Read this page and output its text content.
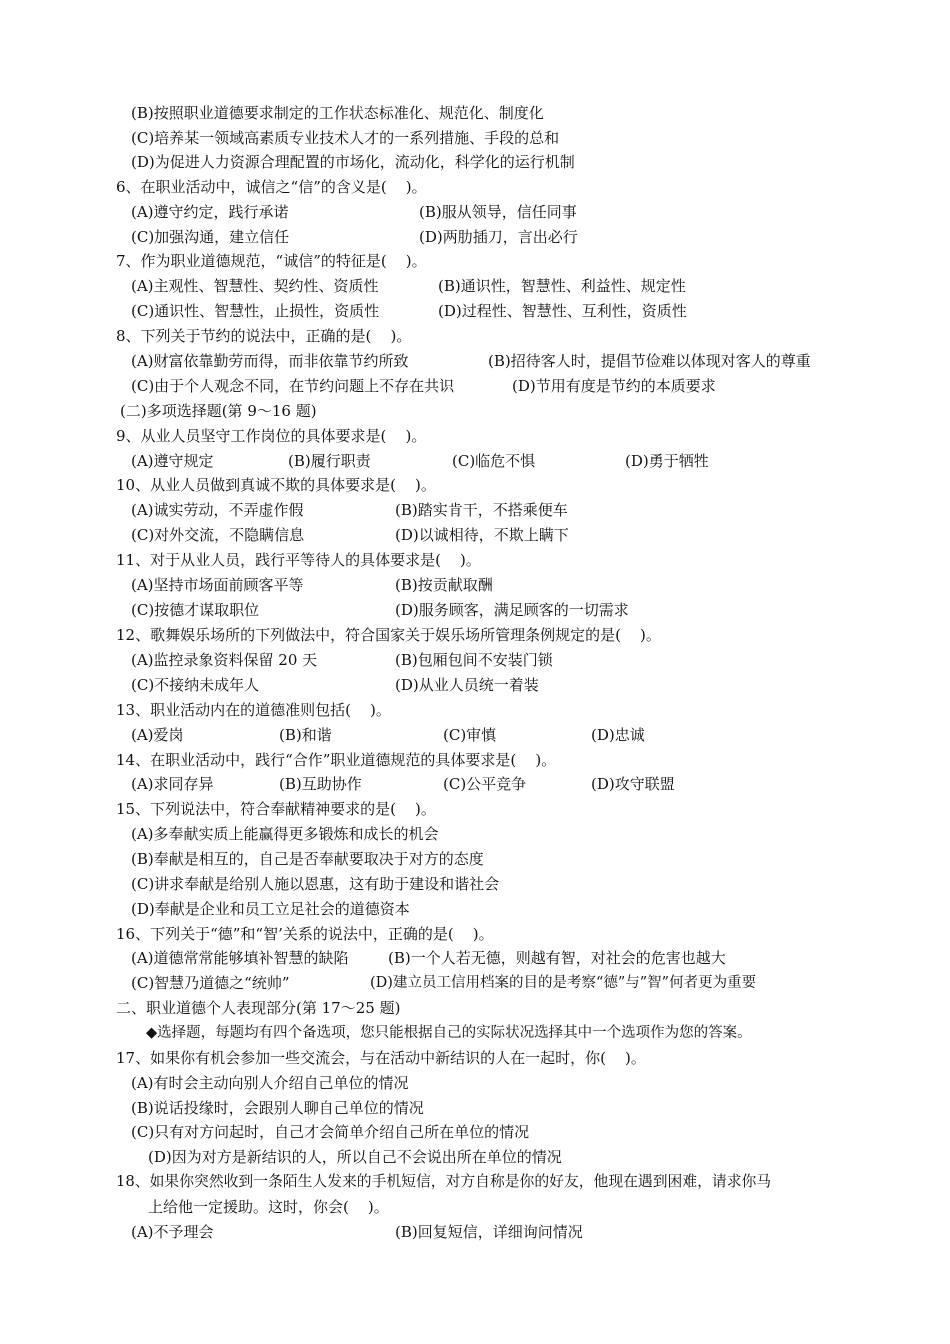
(B)按照职业道德要求制定的工作状态标准化、规范化、制度化
(C)培养某一领域高素质专业技术人才的一系列措施、手段的总和
(D)为促进人力资源合理配置的市场化，流动化，科学化的运行机制
6、在职业活动中，诚信之“信”的含义是(    )。
(A)遵守约定，践行承诺	(B)服从领导，信任同事
(C)加强沟通，建立信任	(D)两肋插刀，言出必行
7、作为职业道德规范，“诚信”的特征是(    )。
(A)主观性、智慧性、契约性、资质性	(B)通识性，智慧性、利益性、规定性
(C)通识性、智慧性，止损性，资质性	(D)过程性、智慧性、互利性，资质性
8、下列关于节约的说法中，正确的是(    )。
(A)财富依靠勤劳而得，而非依靠节约所致	(B)招待客人时，提倡节俭难以体现对客人的尊重
(C)由于个人观念不同，在节约问题上不存在共识	(D)节用有度是节约的本质要求
(二)多项选择题(第 9～16 题)
9、从业人员坚守工作岗位的具体要求是(    )。
(A)遵守规定	(B)履行职责	(C)临危不惧	(D)勇于牺牲
10、从业人员做到真诚不欺的具体要求是(    )。
(A)诚实劳动，不弄虚作假	(B)踏实肯干，不搭乘便车
(C)对外交流，不隐瞒信息	(D)以诚相待，不欺上瞒下
11、对于从业人员，践行平等待人的具体要求是(    )。
(A)坚持市场面前顾客平等	(B)按贡献取酬
(C)按德才谋取职位	(D)服务顾客，满足顾客的一切需求
12、歌舞娱乐场所的下列做法中，符合国家关于娱乐场所管理条例规定的是(    )。
(A)监控录象资料保留 20 天	(B)包厢包间不安装门锁
(C)不接纳未成年人	(D)从业人员统一着装
13、职业活动内在的道德准则包括(    )。
(A)爱岗	(B)和谐	(C)审慎	(D)忠诚
14、在职业活动中，践行“合作”职业道德规范的具体要求是(    )。
(A)求同存异	(B)互助协作	(C)公平竞争	(D)攻守联盟
15、下列说法中，符合奉献精神要求的是(    )。
(A)多奉献实质上能赢得更多锻炼和成长的机会
(B)奉献是相互的，自己是否奉献要取决于对方的态度
(C)讲求奉献是给别人施以恩惠，这有助于建设和谐社会
(D)奉献是企业和员工立足社会的道德资本
16、下列关于“德”和“智’关系的说法中，正确的是(    )。
(A)道德常常能够填补智慧的缺陷	(B)一个人若无德，则越有智，对社会的危害也越大
(C)智慧乃道德之“统帅”	(D)建立员工信用档案的目的是考察“德”与”智”何者更为重要
二、职业道德个人表现部分(第 17～25 题)
◆选择题，每题均有四个备选项，您只能根据自己的实际状况选择其中一个选项作为您的答案。
17、如果你有机会参加一些交流会，与在活动中新结识的人在一起时，你(    )。
(A)有时会主动向别人介绍自己单位的情况
(B)说话投缘时，会跟别人聊自己单位的情况
(C)只有对方问起时，自己才会简单介绍自己所在单位的情况
(D)因为对方是新结识的人，所以自己不会说出所在单位的情况
18、如果你突然收到一条陌生人发来的手机短信，对方自称是你的好友，他现在遇到困难，请求你马
上给他一定援助。这时，你会(    )。
(A)不予理会	(B)回复短信，详细询问情况
